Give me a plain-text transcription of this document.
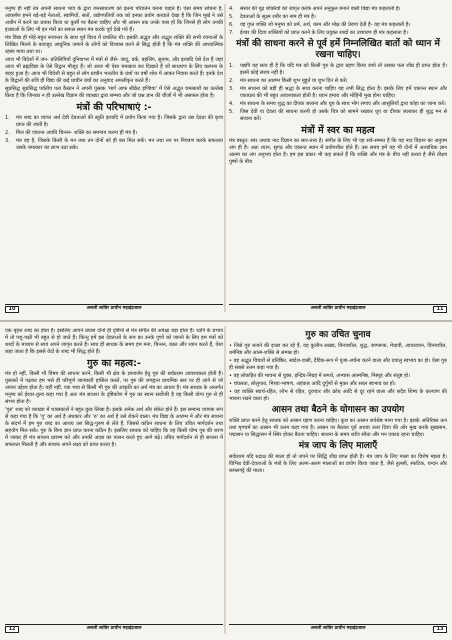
मनुष्य ही नहीं तंत्र अपनी साधना भाव के द्वारा जनसाधारण को इतना परिवर्तन करना चाहते हैं। ऐसा समय सोचना है, आकर्षण हमने बड़े-बड़े नेताओं, स्वामियों, संतों, उद्योगपतियों तक को इनका प्रयोग करवाते देखा है कि जिन मूर्ख ने उसे अधीन में करने का प्रयास किया था कुर्सी पर बैठना चाहिए और भी आसन तक उनके पास हों कि जिनसे ही लोग उनकी इच्छाओं के लिए भी इन मंत्रों का सफल स्थान मंत्र करके पूर्व देखे गये हैं।
मंत्र विद्या ही मोहे-बहुत रूपान्तर के साथ पूर्व विश्व में प्रचलित थी। इसकी अद्भुत और अद्भुत शक्ति की सभी रचनाओं के लिखित मिलने के बावजूद आधुनिक जमाने के लोगों को विश्वास करने से सिद्ध होती है कि मंत्र शक्ति की आध्यात्मिक रहस्य माया तथा था।
आज भी विदेशों में जन- प्रतिलिपियों दुनियाभर में मंत्रों से जैसे- जादू, वर्क, बहलिंग, सुनाम, और इत्यादि ऐसे देश हैं जहां आज भी ब्रह्मविद्या के ऐसे विद्वान मौजूद हैं। जो आज भी ऐसा चमत्कार कर दिखाते हैं जो साधारण के लिए कल्पना के बाहर हुआ है। आज भी विदेशी से बहुत से लोग प्राचीन भारतीय के ग्रंथों पर वर्षों शोध में आकर निवास करते हैं। इनके देश के विद्वानों की रुचि ही विद्या की कई प्राचीन ग्रंथों का अनुवाद अमलीकृत करते हैं।
सुप्रसिद्ध सुप्रसिद्ध पर्वतीय पता कैस्टन ने अपनी पुस्तक 'मार्ग आफ सीक्रेट इण्डिया' में ऐसे अद्भुत चमत्कारों का उल्लेख किया है कि जिनका न ही उल्लेख विज्ञान की व्याख्या द्वारा सम्भव और जो प्रश्न ज्ञान की चीजों में भी असफल होता है।
मंत्रों की परिभाषाएं :-
1.	मंत्र शब्द का व्याप्त अर्थ देवी देवताओं की स्तुति इत्यादि में प्रयोग किया गया है। जिसके द्वारा उस देवता की कृपा प्राप्त की जाती है।
2.	मिल की एकान्त अवधि चिन्तन- शक्ति का समन्वय करना ही मंत्र है।
3.	मंत्र वह है, जिसके किसी के मन तथा तन दोनों को ही बल मिल सकें। मन तथा तन पर नियंत्रण करके सफलता उसके चमत्कार का लाभ उठा सके।
4.	संसार की गूढ़ शक्तियों को जागृत करके अपने अनुकूल बनाने वाली विद्या मंत्र कहलाती है।
5.	देवताओं के सूक्ष्म शरीर का नाम ही मंत्र है।
6.	वह गुप्त शक्ति जो मनुष्य को धर्म, अर्थ, काम और मोक्ष की प्रेरणा देती है- वह मंत्र कहलाती है।
7.	ईश्वर की दिव्य शक्तियों को प्राप्त करने के लिए प्रयुक्त शब्दों का उच्चारण ही मंत्र कहलाता है।
मंत्रों की साधना करने से पूर्व हमें निम्नलिखित बातों को ध्यान में रखना चाहिए।
1.	यद्यपि यह सत्य ही है कि यदि मंत्र को किसी गुरु के द्वारा ग्रहण किया जाये तो उसका फल शीघ्र ही प्राप्त होता है। इसमें कोई संशय नहीं है।
2.	मंत्र साधना का आरम्भ किसी शुभ मुहूर्त या शुभ दिन से करें।
3.	मंत्र साधना को बड़ी ही श्रद्धा के साथ करना चाहिए यह तभी सिद्ध होता है। इसके लिए हमें एकान्त स्थान और एकाग्रता की भी बहुत आवश्यकता होती है। ध्यान हमारा और मोहिनी मुख होना चाहिए।
4.	मंत्र साधना के समय शुद्ध का दीपक जलाना और धूप के साथ भोग लगाए और आसुलियों द्वारा कोहा का जाना करें।
5.	जिस देवी या देवता की साधना करनी हो उसके चित्र को सामने रखकर धूप या दीपक जलाकर ही शुद्ध मन से साधना करें।
मंत्रों में स्वर का महत्व
मंत्र वस्तुत: स्वर अथवा नाद विज्ञान का सार-तत्त्व है। संगीत के लिए भी यह सर्व-सम्मत है कि यह नाद विज्ञान का अनुपम अंग ही है। अतः ध्यान, सुगठ और एकान्त स्थान में प्रयोगशील होते हैं। उस समय हमें यह भी दोनों में अत्याधिक ज्ञान आत्मा का अंग अनुभव होता है। हम इस प्रकार भी कह सकते हैं कि शक्ति और मंत्र के बीच नहीं करता है जैसे तीक्ष्ण पुष्पों के बीच
10	असली साबिर प्राचीन महाइंद्रजाल	असली साबिर प्राचीन महाइंद्रजाल	11
एक बृहत्त शब्द का होता है। इसलिए आपने प्रयास दोनों ही दृष्टियों से मंत्र संगीत की अपेक्षा बड़ा होता है। ध्वनि के प्रभाव में तो पशु-पक्षी भी बहुत से हो जाते हैं। किन्तु हमें इस देवताओं के रूप का उनके गुणों को जानने के लिए हम मंत्रों को शब्दों के माध्यम से स्वयं अपने जागृत करते हैं। साथ ही साधक के समय हम मना, चिन्तन, काल और ध्यान करते हैं, ऐसा कहा जाता है कि इससे वेदों के शब्द भी सिद्ध होते हैं।
गुरु का महत्व:-
मंत्र हो नहीं, किसी भी विषय की साधना करने, किसी भी क्षेत्र के ज्ञानार्जन हेतु गुरु की सर्वप्रथम आवश्यकता होती है। पुस्तकों में पढ़कर हम भले ही परिपूर्ण जानकारी हासिल करलें, पर गुरु की जगह्वन्त प्राथमिक स्तर पर ही आगे से जो अपना उद्देश्य होता है। यहीं नहीं, एक भाव से किसी भी गुरु की आकृति का अर्थ मंत्र का आधार है। मंत्र साधक के अन्तर्गत मनुष्य को ईश्वर-तुल्य कहा गया है अतः मंत्र साधना के दृष्टिकोण में गुरु का स्थान सर्वोपरि है यह किसी योग्य गुरु से ही संभव होता है।
'गुरु' शब्द को व्याख्या में शास्त्रकारों ने बहुत कुछ लिखा है। इसके अनेक अर्थ और संकेत होते हैं। इस सम्बन्ध व्यापक रूप से कहा गया है कि 'गु' का अर्थ है अंधकार और 'रु' का अर्थ है उसे रोकने वाला। मंत्र विद्या के आरम्भ में और मंत्र साधना के संदर्भ में हम गुरु शब्द का आशय उस सिद्ध-पुरुष से लेते हैं, जिससे कठिन साधना के लिए उचित मार्गदर्शन तथा सहयोग मिल सके। गुरु के बिना ज्ञान प्राप्त करना कठिन है। इसलिए साधक को चाहिए कि वह किसी योग्य गुरु की शरण में जाकर ही मंत्र साधना प्रारम्भ करे और उनकी आज्ञा का पालन करते हुए आगे बढ़े। उचित मार्गदर्शन से ही साधना में सफलता मिलती है और साधक अपने लक्ष्य को प्राप्त करता है।
गुरु का उचित चुनाव
• जिसे गुरु बनाने की इच्छा कर रहे हैं, वह कुलीन-आढ्य, विनयशील, शुद्ध, जागरूक, मेधावी, आचारवान, विनयशील, धर्मनिष्ठ और आत्म-शक्ति से सम्पन्न हो।
• वह अद्भुत विचारों से प्रतिष्ठित, स्वदेश-वासी, दैविक-रूप में पूजा-अर्चना करने वाला और दयालु स्वभाव का हो। ऐसा गुरु ही सबसे उत्तम कहा गया है।
• वह लोकहित की भावना से युक्त, इन्द्रिय-निग्रह में समर्थ, अभ्यास आत्मनिष्ठ, निस्पृह और संतुष्ट हो।
• चंचलता, लोलुपता, मिथ्या-भाषण, अहंकार आदि दुर्गुणों से मुक्त और सरल स्वभाव का हो।
• वह व्यक्ति स्वार्थ-रहित, लोभ से रहित, दुराचार और क्रोध आदि से दूर रहने वाला और सदैव शिष्य के कल्याण की भावना रखने वाला हो।
आसन तथा बैठने के योगासन का उपयोग
शक्ति प्राप्त करने हेतु साधक को आसन ग्रहण करना चाहिए। कुश का आसन सर्वश्रेष्ठ माना गया है। इसके अतिरिक्त ऊन तथा मृगचर्म का आसन भी उत्तम कहा गया है। आसन पर बैठकर पूर्व अथवा उत्तर दिशा की ओर मुख करके सुखासन, पद्मासन या सिद्धासन में स्थिर होकर बैठना चाहिए। साधना के समय शरीर सीधा और मन एकाग्र रहना चाहिए।
मंत्र जाप के लिए मालाएँ
सर्वप्रथम यदि रुद्राक्ष की माला हो तो जपने पर सिद्धि शीघ्र प्राप्त होती है। मंत्र जाप के लिए माला का विशेष महत्व है। विभिन्न देवी-देवताओं के मंत्रों के लिए अलग-अलग मालाओं का प्रयोग किया जाता है, जैसे तुलसी, स्फटिक, चन्दन और कमलगट्टे की माला।
12	असली साबिर प्राचीन महाइंद्रजाल	असली साबिर प्राचीन महाइंद्रजाल	13
